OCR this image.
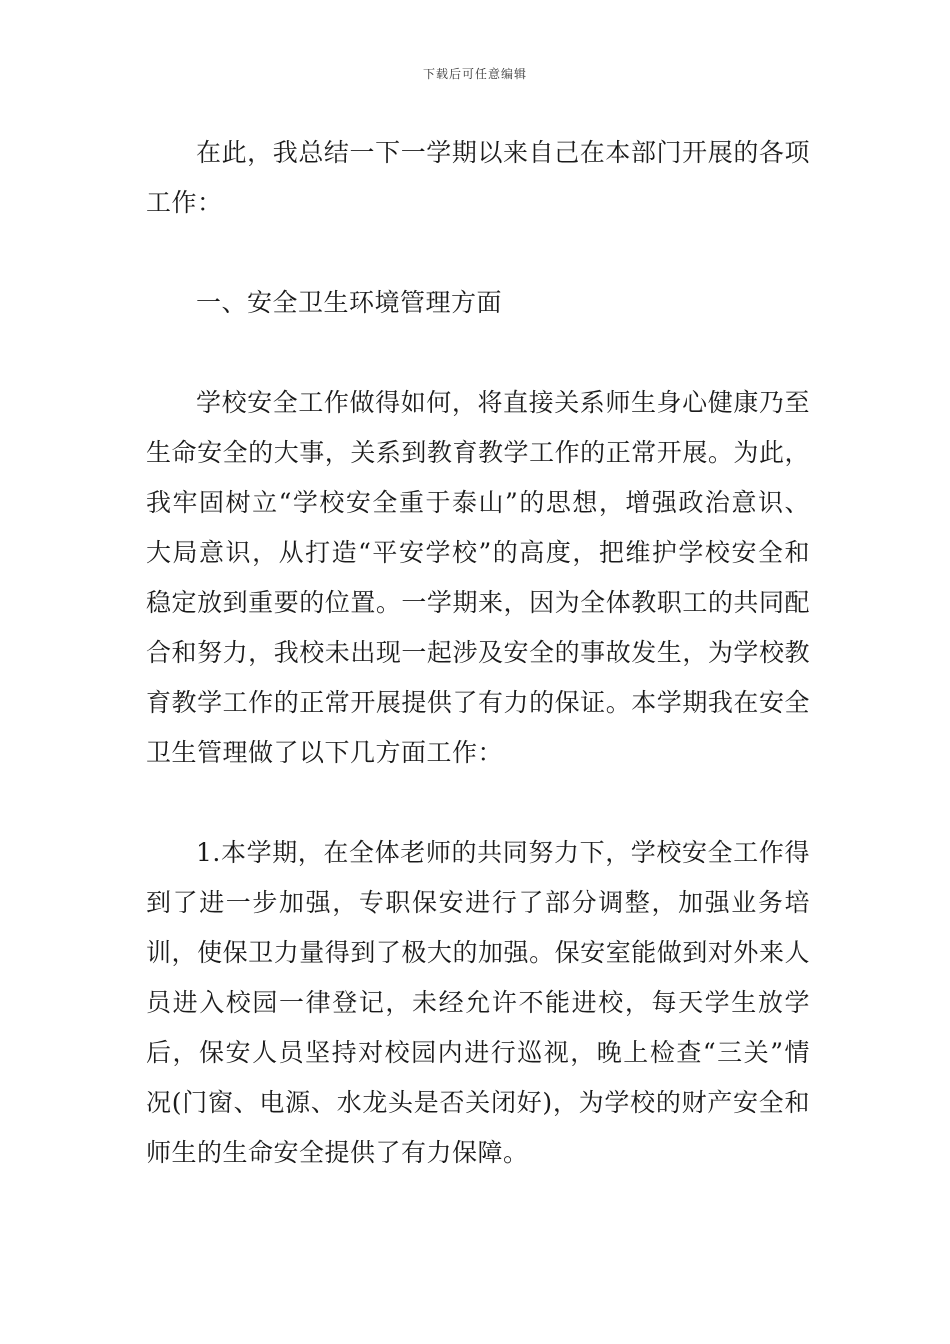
下载后可任意编辑

在此，我总结一下一学期以来自己在本部门开展的各项工作：

一、安全卫生环境管理方面

学校安全工作做得如何，将直接关系师生身心健康乃至生命安全的大事，关系到教育教学工作的正常开展。为此，我牢固树立“学校安全重于泰山”的思想，增强政治意识、大局意识，从打造“平安学校”的高度，把维护学校安全和稳定放到重要的位置。一学期来，因为全体教职工的共同配合和努力，我校未出现一起涉及安全的事故发生，为学校教育教学工作的正常开展提供了有力的保证。本学期我在安全卫生管理做了以下几方面工作：

1.本学期，在全体老师的共同努力下，学校安全工作得到了进一步加强，专职保安进行了部分调整，加强业务培训，使保卫力量得到了极大的加强。保安室能做到对外来人员进入校园一律登记，未经允许不能进校，每天学生放学后，保安人员坚持对校园内进行巡视，晚上检查“三关”情况(门窗、电源、水龙头是否关闭好)，为学校的财产安全和师生的生命安全提供了有力保障。
